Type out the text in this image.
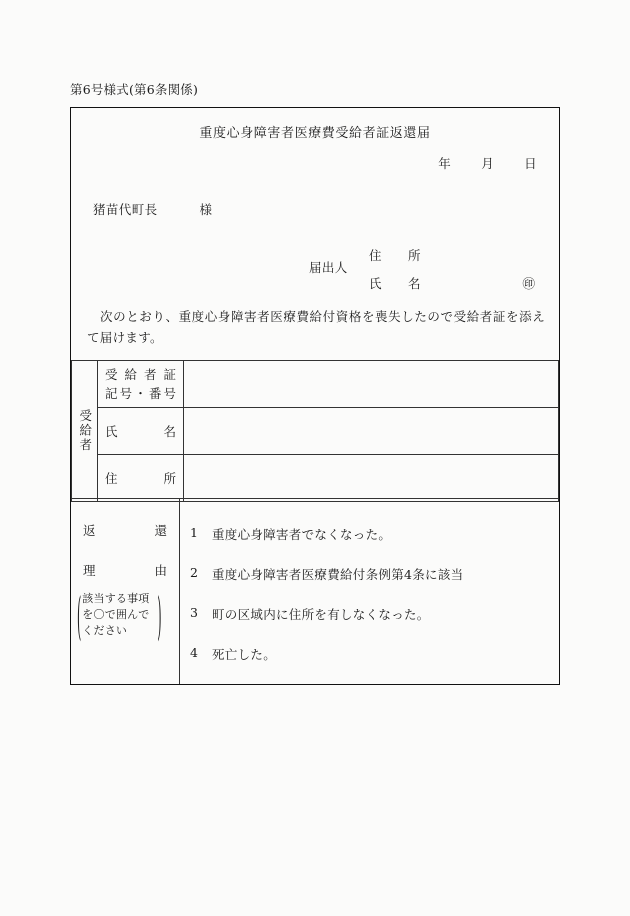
第6号様式(第6条関係)
重度心身障害者医療費受給者証返還届
年 月 日
猪苗代町長	様
届出人
住　所
氏　名	㊞
次のとおり、重度心身障害者医療費給付資格を喪失したので受給者証を添えて届けます。
受給者

受 給 者 証
記 号 ・ 番 号

	氏 名	

	住 所	

返	還
理	由
( 該当する事項を〇で囲んでください	)
1	重度心身障害者でなくなった。
2	重度心身障害者医療費給付条例第4条に該当
3	町の区域内に住所を有しなくなった。
4	死亡した。
